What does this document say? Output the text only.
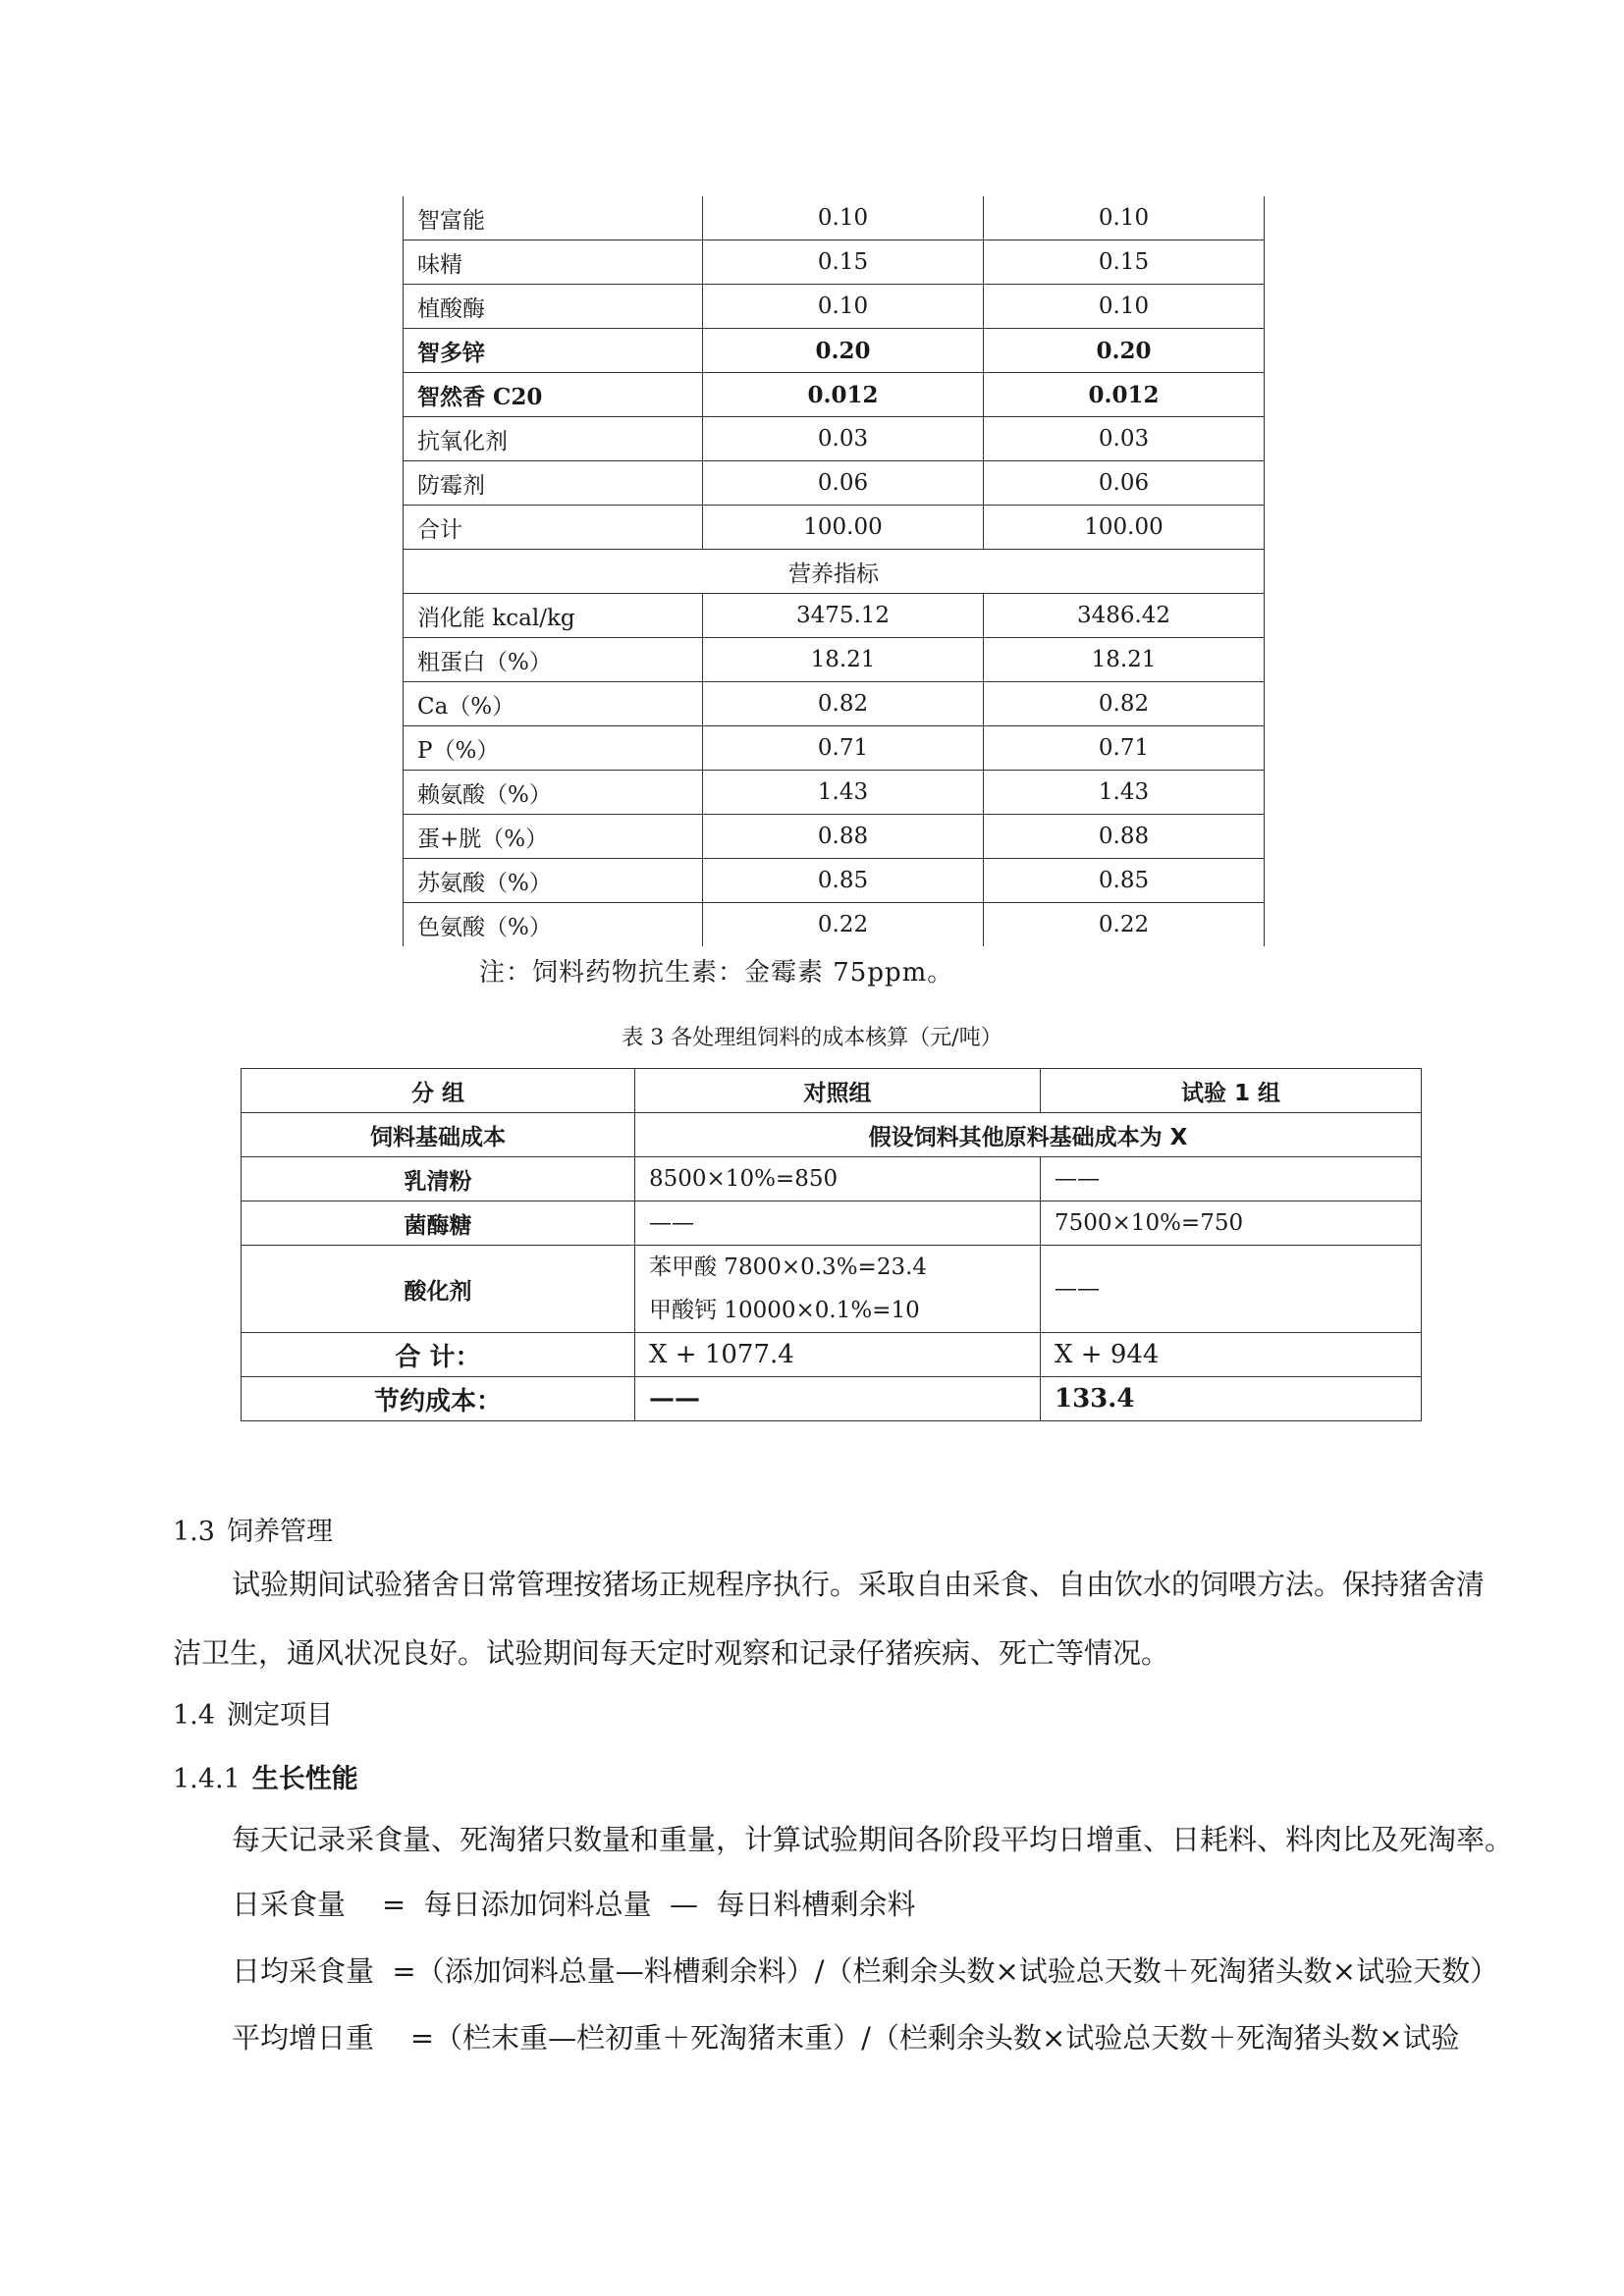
智富能	0.10	0.10
味精	0.15	0.15
植酸酶	0.10	0.10
智多锌	0.20	0.20
智然香 C20	0.012	0.012
抗氧化剂	0.03	0.03
防霉剂	0.06	0.06
合计	100.00	100.00
营养指标		
消化能 kcal/kg	3475.12	3486.42
粗蛋白（%）	18.21	18.21
Ca（%）	0.82	0.82
P（%）	0.71	0.71
赖氨酸（%）	1.43	1.43
蛋+胱（%）	0.88	0.88
苏氨酸（%）	0.85	0.85
色氨酸（%）	0.22	0.22
注：饲料药物抗生素：金霉素 75ppm。
表 3 各处理组饲料的成本核算（元/吨）
分 组	对照组	试验 1 组
饲料基础成本	假设饲料其他原料基础成本为 X	
乳清粉	8500×10%=850	——
菌酶糖	——	7500×10%=750
酸化剂	苯甲酸 7800×0.3%=23.4
甲酸钙 10000×0.1%=10	——
合 计：	X + 1077.4	X + 944
节约成本：	——	133.4
1.3 饲养管理
试验期间试验猪舍日常管理按猪场正规程序执行。采取自由采食、自由饮水的饲喂方法。保持猪舍清
洁卫生，通风状况良好。试验期间每天定时观察和记录仔猪疾病、死亡等情况。
1.4 测定项目
1.4.1 生长性能
每天记录采食量、死淘猪只数量和重量，计算试验期间各阶段平均日增重、日耗料、料肉比及死淘率。
日采食量    =  每日添加饲料总量  —  每日料槽剩余料
日均采食量  =（添加饲料总量—料槽剩余料）/（栏剩余头数×试验总天数＋死淘猪头数×试验天数）
平均增日重    =（栏末重—栏初重＋死淘猪末重）/（栏剩余头数×试验总天数＋死淘猪头数×试验
